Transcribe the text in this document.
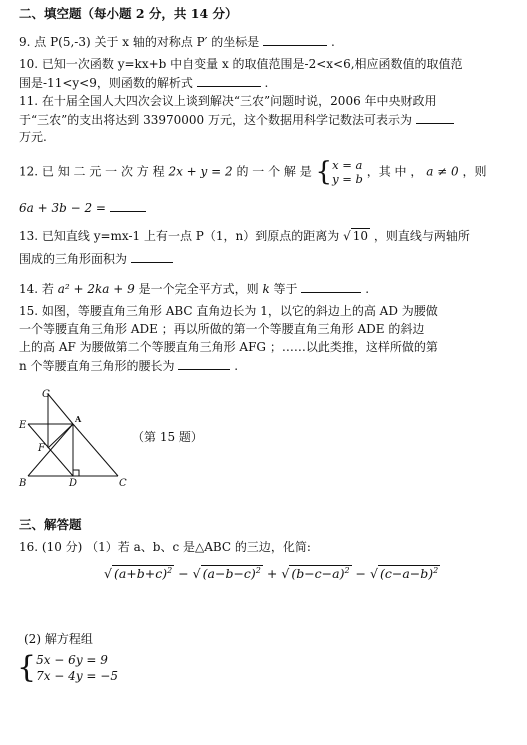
二、填空题（每小题 2 分，共 14 分）
9. 点 P(5,-3) 关于 x 轴的对称点 P′ 的坐标是	.
10. 已知一次函数 y=kx+b 中自变量 x 的取值范围是-2<x<6,相应函数值的取值范
围是-11<y<9，则函数的解析式	.
11. 在十届全国人大四次会议上谈到解决“三农”问题时说，2006 年中央财政用
于“三农”的支出将达到 33970000 万元，这个数据用科学记数法可表示为
万元.
12. 已 知 二 元 一 次 方 程 2x + y = 2 的 一 个 解 是 {x = a
y = b ，其 中 ， a ≠ 0 ，则
6a + 3b − 2 =
13. 已知直线 y=mx-1 上有一点 P（1，n）到原点的距离为 √ 10 ，则直线与两轴所
围成的三角形面积为
14. 若 a² + 2ka + 9 是一个完全平方式，则 k 等于	.
15. 如图，等腰直角三角形 ABC 直角边长为 1，以它的斜边上的高 AD 为腰做
一个等腰直角三角形 ADE ；再以所做的第一个等腰直角三角形 ADE 的斜边
上的高 AF 为腰做第二个等腰直角三角形 AFG ；……以此类推，这样所做的第
n 个等腰直角三角形的腰长为	.
G
A
E
F
B	D	C
（第 15 题）
三、解答题
16. (10 分) （1）若 a、b、c 是△ABC 的三边，化简:
√ $(a+b+c)^2$ − √ $(a-b-c)^2$ + √ $(b-c-a)^2$ − √ $(c-a-b)^2$
(2) 解方程组
{5x − 6y = 9
7x − 4y = −5
